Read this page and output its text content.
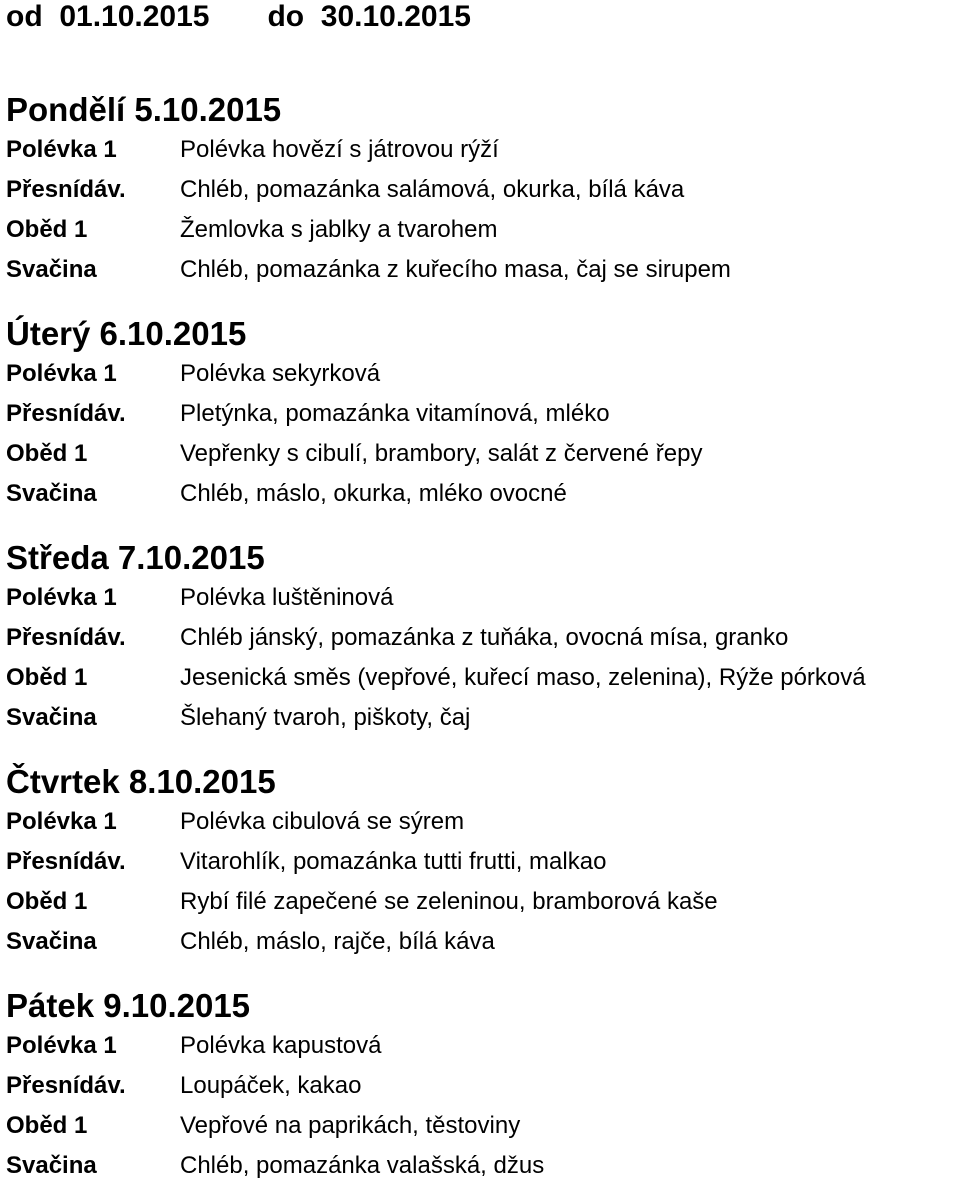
od  01.10.2015 do  30.10.2015
Pondělí 5.10.2015
Polévka 1	Polévka hovězí s játrovou rýží
Přesnídáv.	Chléb, pomazánka salámová, okurka, bílá káva
Oběd 1	Žemlovka s jablky a tvarohem
Svačina	Chléb, pomazánka z kuřecího masa, čaj se sirupem
Úterý 6.10.2015
Polévka 1	Polévka sekyrková
Přesnídáv.	Pletýnka, pomazánka vitamínová, mléko
Oběd 1	Vepřenky s cibulí, brambory, salát z červené řepy
Svačina	Chléb, máslo, okurka, mléko ovocné
Středa 7.10.2015
Polévka 1	Polévka luštěninová
Přesnídáv.	Chléb jánský, pomazánka z tuňáka, ovocná mísa, granko
Oběd 1	Jesenická směs (vepřové, kuřecí maso, zelenina), Rýže pórková
Svačina	Šlehaný tvaroh, piškoty, čaj
Čtvrtek 8.10.2015
Polévka 1	Polévka cibulová se sýrem
Přesnídáv.	Vitarohlík, pomazánka tutti frutti, malkao
Oběd 1	Rybí filé zapečené se zeleninou, bramborová kaše
Svačina	Chléb, máslo, rajče, bílá káva
Pátek 9.10.2015
Polévka 1	Polévka kapustová
Přesnídáv.	Loupáček, kakao
Oběd 1	Vepřové na paprikách, těstoviny
Svačina	Chléb, pomazánka valašská, džus
